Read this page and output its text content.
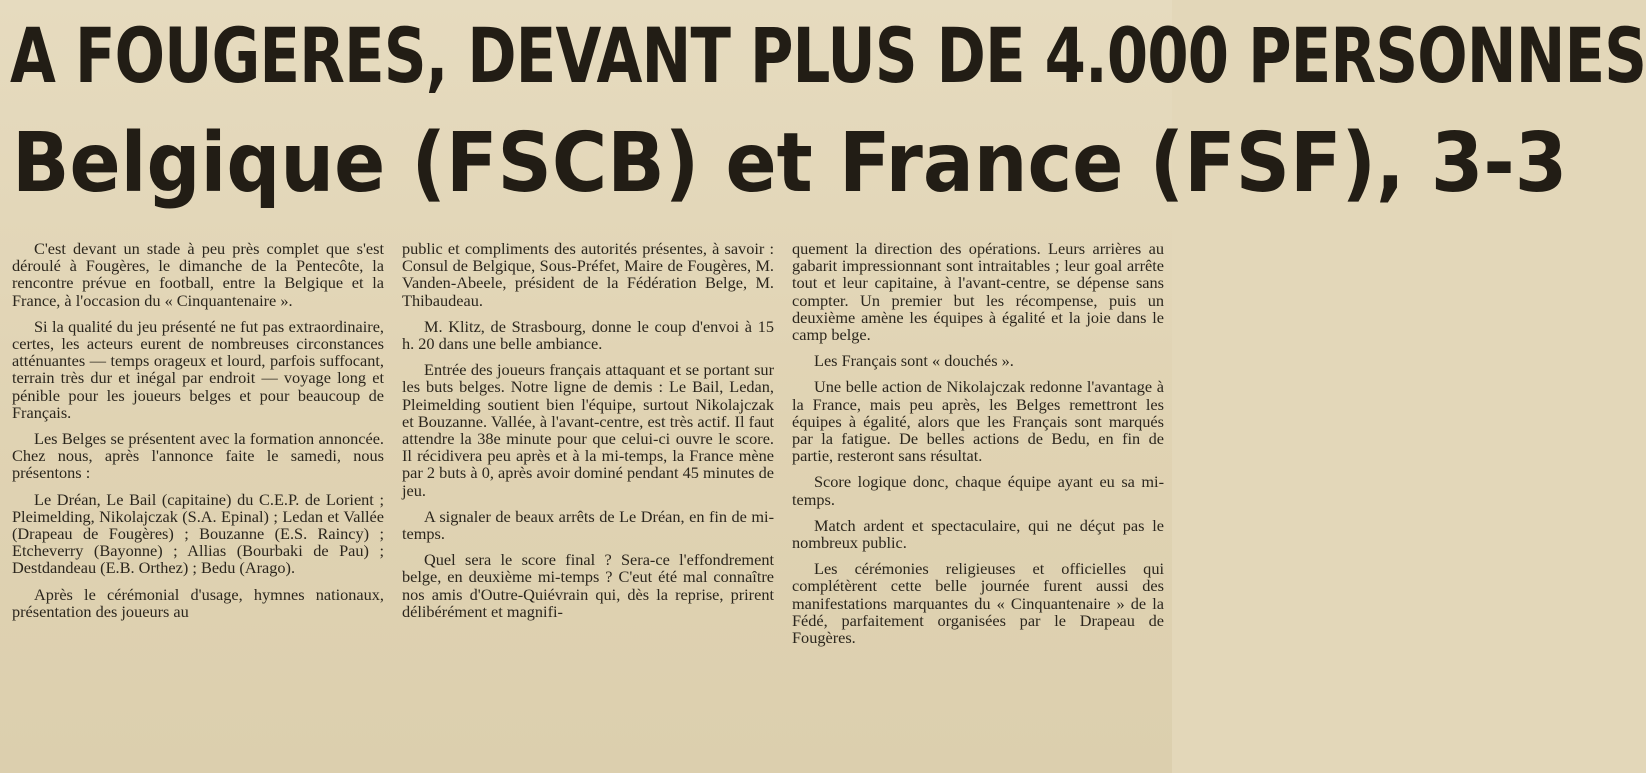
A FOUGERES, DEVANT PLUS DE 4.000 PERSONNES
Belgique (FSCB) et France (FSF), 3-3

C'est devant un stade à peu près complet que s'est déroulé à Fougères, le dimanche de la Pentecôte, la rencontre prévue en football, entre la Belgique et la France, à l'occasion du « Cinquantenaire ».

Si la qualité du jeu présenté ne fut pas extraordinaire, certes, les acteurs eurent de nombreuses circonstances atténuantes — temps orageux et lourd, parfois suffocant, terrain très dur et inégal par endroit — voyage long et pénible pour les joueurs belges et pour beaucoup de Français.

Les Belges se présentent avec la formation annoncée. Chez nous, après l'annonce faite le samedi, nous présentons :

Le Dréan, Le Bail (capitaine) du C.E.P. de Lorient ; Pleimelding, Nikolajczak (S.A. Epinal) ; Ledan et Vallée (Drapeau de Fougères) ; Bouzanne (E.S. Raincy) ; Etcheverry (Bayonne) ; Allias (Bourbaki de Pau) ; Destdandeau (E.B. Orthez) ; Bedu (Arago).

Après le cérémonial d'usage, hymnes nationaux, présentation des joueurs au

public et compliments des autorités présentes, à savoir : Consul de Belgique, Sous-Préfet, Maire de Fougères, M. Vanden-Abeele, président de la Fédération Belge, M. Thibaudeau.

M. Klitz, de Strasbourg, donne le coup d'envoi à 15 h. 20 dans une belle ambiance.

Entrée des joueurs français attaquant et se portant sur les buts belges. Notre ligne de demis : Le Bail, Ledan, Pleimelding soutient bien l'équipe, surtout Nikolajczak et Bouzanne. Vallée, à l'avant-centre, est très actif. Il faut attendre la 38e minute pour que celui-ci ouvre le score. Il récidivera peu après et à la mi-temps, la France mène par 2 buts à 0, après avoir dominé pendant 45 minutes de jeu.

A signaler de beaux arrêts de Le Dréan, en fin de mi-temps.

Quel sera le score final ? Sera-ce l'effondrement belge, en deuxième mi-temps ? C'eut été mal connaître nos amis d'Outre-Quiévrain qui, dès la reprise, prirent délibérément et magnifi-

quement la direction des opérations. Leurs arrières au gabarit impressionnant sont intraitables ; leur goal arrête tout et leur capitaine, à l'avant-centre, se dépense sans compter. Un premier but les récompense, puis un deuxième amène les équipes à égalité et la joie dans le camp belge.

Les Français sont « douchés ».

Une belle action de Nikolajczak redonne l'avantage à la France, mais peu après, les Belges remettront les équipes à égalité, alors que les Français sont marqués par la fatigue. De belles actions de Bedu, en fin de partie, resteront sans résultat.

Score logique donc, chaque équipe ayant eu sa mi-temps.

Match ardent et spectaculaire, qui ne déçut pas le nombreux public.

Les cérémonies religieuses et officielles qui complétèrent cette belle journée furent aussi des manifestations marquantes du « Cinquantenaire » de la Fédé, parfaitement organisées par le Drapeau de Fougères.
